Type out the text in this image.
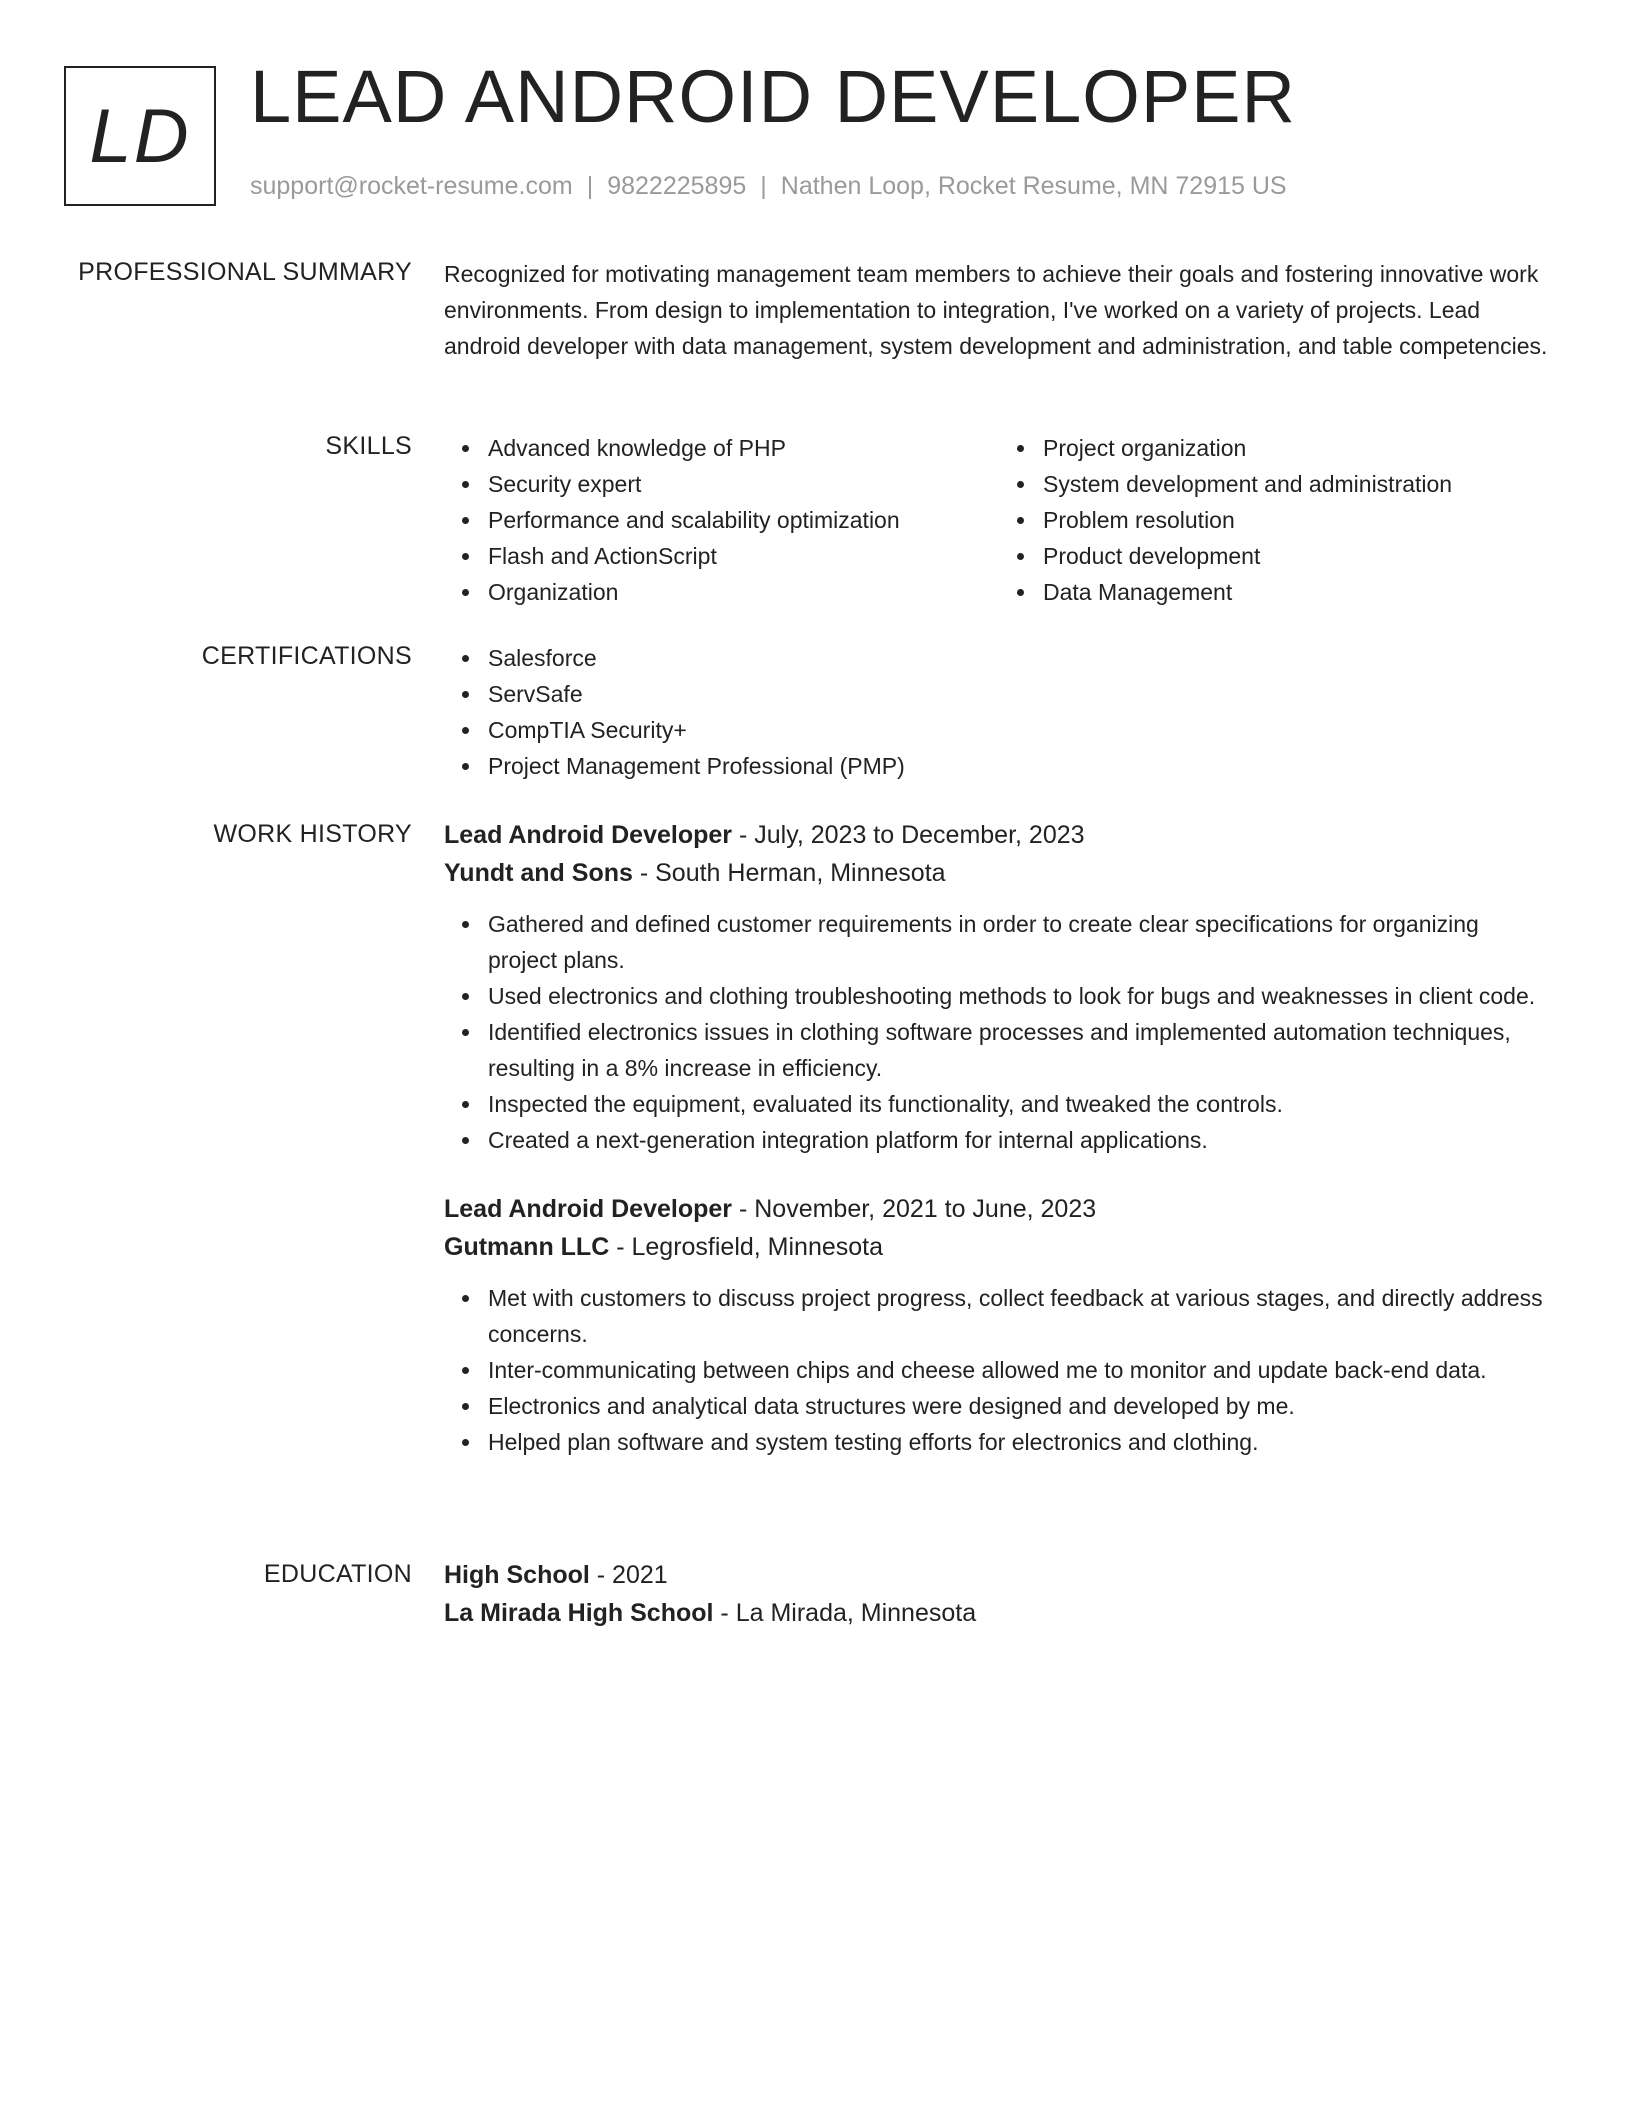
LD LEAD ANDROID DEVELOPER
support@rocket-resume.com | 9822225895 | Nathen Loop, Rocket Resume, MN 72915 US
PROFESSIONAL SUMMARY Recognized for motivating management team members to achieve their goals and fostering innovative work environments. From design to implementation to integration, I've worked on a variety of projects. Lead android developer with data management, system development and administration, and table competencies.

SKILLS	Advanced knowledge of PHP
Security expert
Performance and scalability optimization
Flash and ActionScript
Organization
Project organization
System development and administration
Problem resolution
Product development
Data Management
CERTIFICATIONS	Salesforce
ServSafe
CompTIA Security+
Project Management Professional (PMP)
WORK HISTORY Lead Android Developer - July, 2023 to December, 2023
Yundt and Sons - South Herman, Minnesota
Gathered and defined customer requirements in order to create clear specifications for organizing project plans.
Used electronics and clothing troubleshooting methods to look for bugs and weaknesses in client code.
Identified electronics issues in clothing software processes and implemented automation techniques, resulting in a 8% increase in efficiency.
Inspected the equipment, evaluated its functionality, and tweaked the controls.
Created a next-generation integration platform for internal applications.
Lead Android Developer - November, 2021 to June, 2023
Gutmann LLC - Legrosfield, Minnesota
Met with customers to discuss project progress, collect feedback at various stages, and directly address concerns.
Inter-communicating between chips and cheese allowed me to monitor and update back-end data.
Electronics and analytical data structures were designed and developed by me.
Helped plan software and system testing efforts for electronics and clothing.
EDUCATION High School - 2021
La Mirada High School - La Mirada, Minnesota
